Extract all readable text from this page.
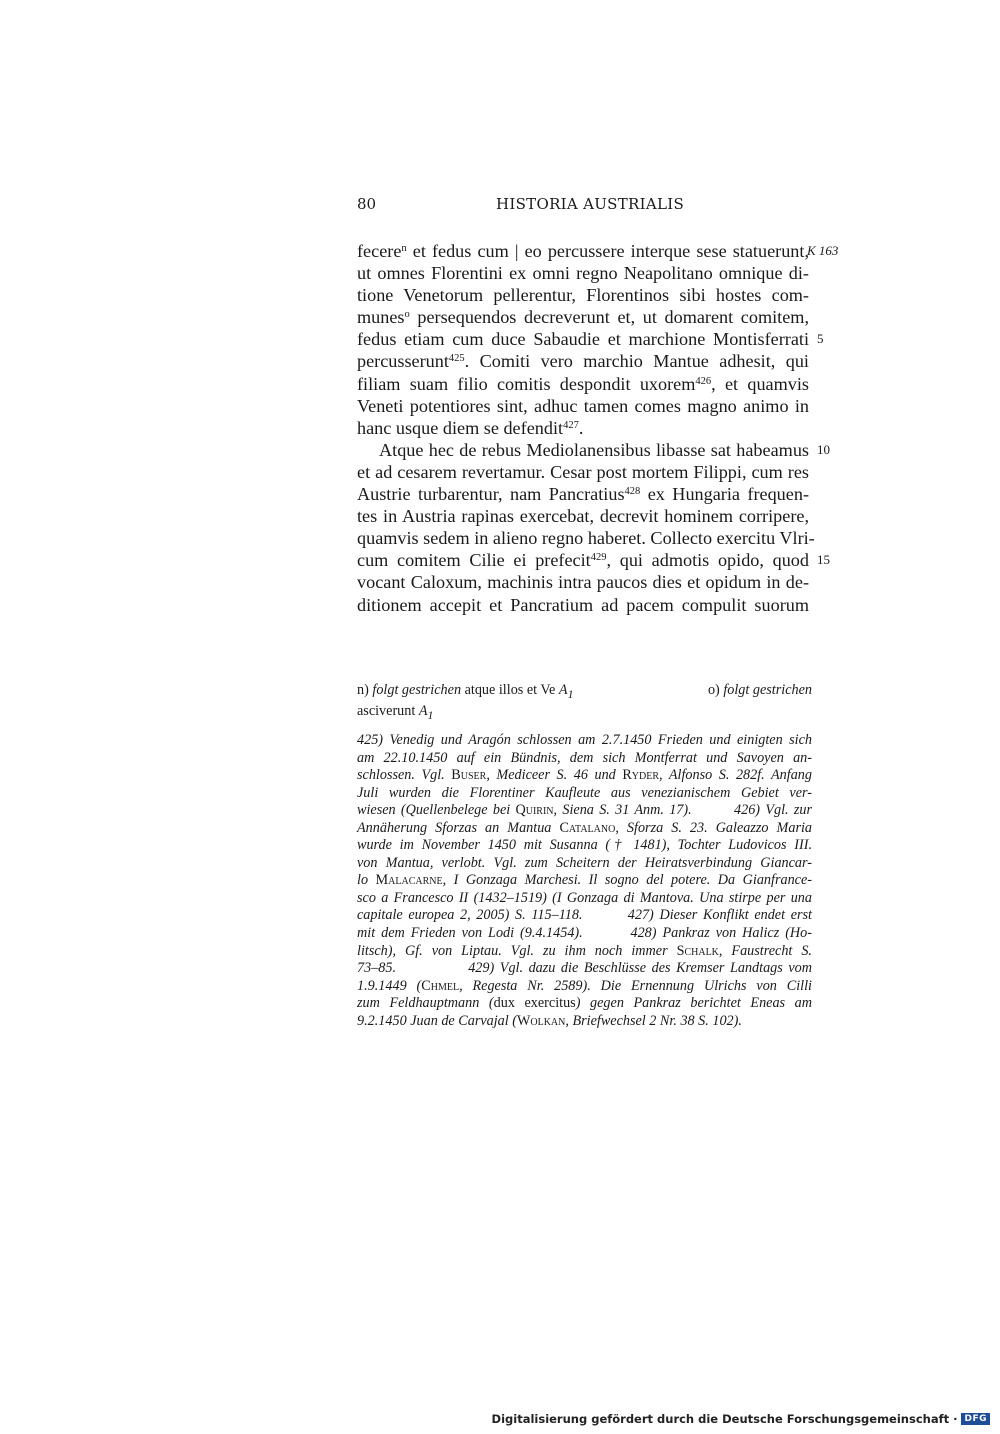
80	HISTORIA AUSTRIALIS
fecere$^n$ et fedus cum | eo percussere interque sese statuerunt,
ut omnes Florentini ex omni regno Neapolitano omnique di-
tione Venetorum pellerentur, Florentinos sibi hostes com-
munes$^o$ persequendos decreverunt et, ut domarent comitem,
fedus etiam cum duce Sabaudie et marchione Montisferrati
percusserunt$^{425}$. Comiti vero marchio Mantue adhesit, qui
filiam suam filio comitis despondit uxorem$^{426}$, et quamvis
Veneti potentiores sint, adhuc tamen comes magno animo in
hanc usque diem se defendit$^{427}$.
Atque hec de rebus Mediolanensibus libasse sat habeamus
et ad cesarem revertamur. Cesar post mortem Filippi, cum res
Austrie turbarentur, nam Pancratius$^{428}$ ex Hungaria frequen-
tes in Austria rapinas exercebat, decrevit hominem corripere,
quamvis sedem in alieno regno haberet. Collecto exercitu Vlri-
cum comitem Cilie ei prefecit$^{429}$, qui admotis opido, quod
vocant Caloxum, machinis intra paucos dies et opidum in de-
ditionem accepit et Pancratium ad pacem compulit suorum
K 163
5
10
15
n) folgt gestrichen atque illos et Ve $A_1$	o) folgt gestrichen
asciverunt $A_1$
425) Venedig und Aragón schlossen am 2.7.1450 Frieden und einigten sich
am 22.10.1450 auf ein Bündnis, dem sich Montferrat und Savoyen an-
schlossen. Vgl. Buser, Mediceer S. 46 und Ryder, Alfonso S. 282f. Anfang
Juli wurden die Florentiner Kaufleute aus venezianischem Gebiet ver-
wiesen (Quellenbelege bei Quirin, Siena S. 31 Anm. 17).        426) Vgl. zur
Annäherung Sforzas an Mantua Catalano, Sforza S. 23. Galeazzo Maria
wurde im November 1450 mit Susanna († 1481), Tochter Ludovicos III.
von Mantua, verlobt. Vgl. zum Scheitern der Heiratsverbindung Giancar-
lo Malacarne, I Gonzaga Marchesi. Il sogno del potere. Da Gianfrance-
sco a Francesco II (1432–1519) (I Gonzaga di Mantova. Una stirpe per una
capitale europea 2, 2005) S. 115–118.        427) Dieser Konflikt endet erst
mit dem Frieden von Lodi (9.4.1454).        428) Pankraz von Halicz (Ho-
litsch), Gf. von Liptau. Vgl. zu ihm noch immer Schalk, Faustrecht S.
73–85.             429) Vgl. dazu die Beschlüsse des Kremser Landtags vom
1.9.1449 (Chmel, Regesta Nr. 2589). Die Ernennung Ulrichs von Cilli
zum Feldhauptmann (dux exercitus) gegen Pankraz berichtet Eneas am
9.2.1450 Juan de Carvajal (Wolkan, Briefwechsel 2 Nr. 38 S. 102).
Digitalisierung gefördert durch die Deutsche Forschungsgemeinschaft · DFG
